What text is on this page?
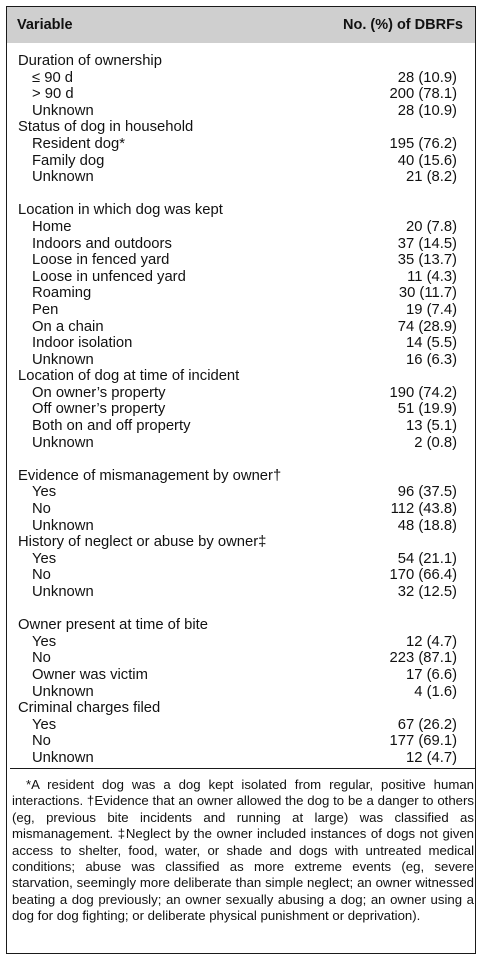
Variable	No. (%) of DBRFs
Duration of ownership
≤ 90 d	28 (10.9)
> 90 d	200 (78.1)
Unknown	28 (10.9)
Status of dog in household
Resident dog*	195 (76.2)
Family dog	40 (15.6)
Unknown	21 (8.2)
Location in which dog was kept
Home	20 (7.8)
Indoors and outdoors	37 (14.5)
Loose in fenced yard	35 (13.7)
Loose in unfenced yard	11 (4.3)
Roaming	30 (11.7)
Pen	19 (7.4)
On a chain	74 (28.9)
Indoor isolation	14 (5.5)
Unknown	16 (6.3)
Location of dog at time of incident
On owner’s property	190 (74.2)
Off owner’s property	51 (19.9)
Both on and off property	13 (5.1)
Unknown	2 (0.8)
Evidence of mismanagement by owner†
Yes	96 (37.5)
No	112 (43.8)
Unknown	48 (18.8)
History of neglect or abuse by owner‡
Yes	54 (21.1)
No	170 (66.4)
Unknown	32 (12.5)
Owner present at time of bite
Yes	12 (4.7)
No	223 (87.1)
Owner was victim	17 (6.6)
Unknown	4 (1.6)
Criminal charges filed
Yes	67 (26.2)
No	177 (69.1)
Unknown	12 (4.7)
*A resident dog was a dog kept isolated from regular, positive human interactions. †Evidence that an owner allowed the dog to be a danger to others (eg, previous bite incidents and running at large) was classified as mismanagement. ‡Neglect by the owner included instances of dogs not given access to shelter, food, water, or shade and dogs with untreated medical conditions; abuse was classified as more extreme events (eg, severe starvation, seemingly more deliberate than simple neglect; an owner witnessed beating a dog previously; an owner sexually abusing a dog; an owner using a dog for dog fighting; or deliberate physical punishment or deprivation).
